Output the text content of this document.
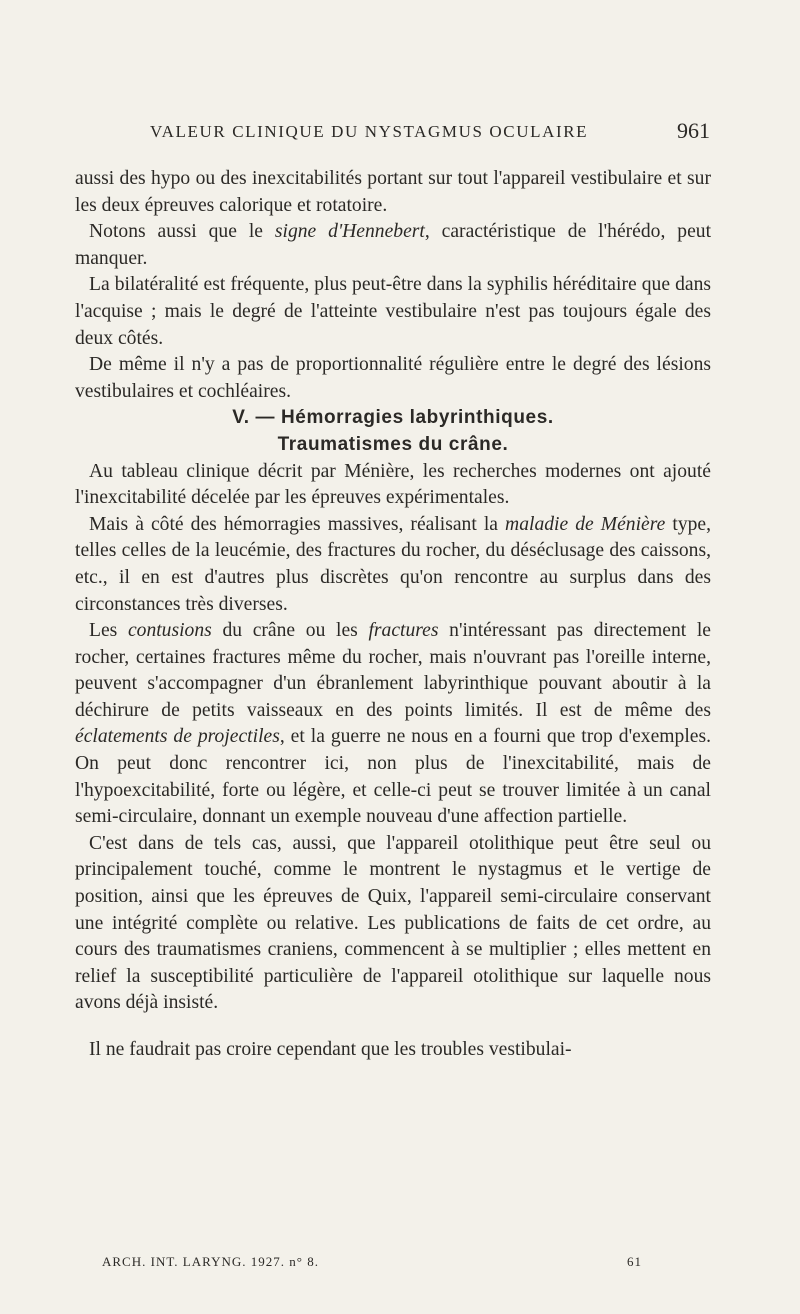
VALEUR CLINIQUE DU NYSTAGMUS OCULAIRE	961

aussi des hypo ou des inexcitabilités portant sur tout l'appareil vestibulaire et sur les deux épreuves calorique et rotatoire.

Notons aussi que le signe d'Hennebert, caractéristique de l'hérédo, peut manquer.

La bilatéralité est fréquente, plus peut-être dans la syphilis héréditaire que dans l'acquise ; mais le degré de l'atteinte vestibulaire n'est pas toujours égale des deux côtés.

De même il n'y a pas de proportionnalité régulière entre le degré des lésions vestibulaires et cochléaires.

V. — Hémorragies labyrinthiques.

Traumatismes du crâne.

Au tableau clinique décrit par Ménière, les recherches modernes ont ajouté l'inexcitabilité décelée par les épreuves expérimentales.

Mais à côté des hémorragies massives, réalisant la maladie de Ménière type, telles celles de la leucémie, des fractures du rocher, du déséclusage des caissons, etc., il en est d'autres plus discrètes qu'on rencontre au surplus dans des circonstances très diverses.

Les contusions du crâne ou les fractures n'intéressant pas directement le rocher, certaines fractures même du rocher, mais n'ouvrant pas l'oreille interne, peuvent s'accompagner d'un ébranlement labyrinthique pouvant aboutir à la déchirure de petits vaisseaux en des points limités. Il est de même des éclatements de projectiles, et la guerre ne nous en a fourni que trop d'exemples. On peut donc rencontrer ici, non plus de l'inexcitabilité, mais de l'hypoexcitabilité, forte ou légère, et celle-ci peut se trouver limitée à un canal semi-circulaire, donnant un exemple nouveau d'une affection partielle.

C'est dans de tels cas, aussi, que l'appareil otolithique peut être seul ou principalement touché, comme le montrent le nystagmus et le vertige de position, ainsi que les épreuves de Quix, l'appareil semi-circulaire conservant une intégrité complète ou relative. Les publications de faits de cet ordre, au cours des traumatismes craniens, commencent à se multiplier ; elles mettent en relief la susceptibilité particulière de l'appareil otolithique sur laquelle nous avons déjà insisté.

Il ne faudrait pas croire cependant que les troubles vestibulai-

ARCH. INT. LARYNG. 1927. n° 8.	61
